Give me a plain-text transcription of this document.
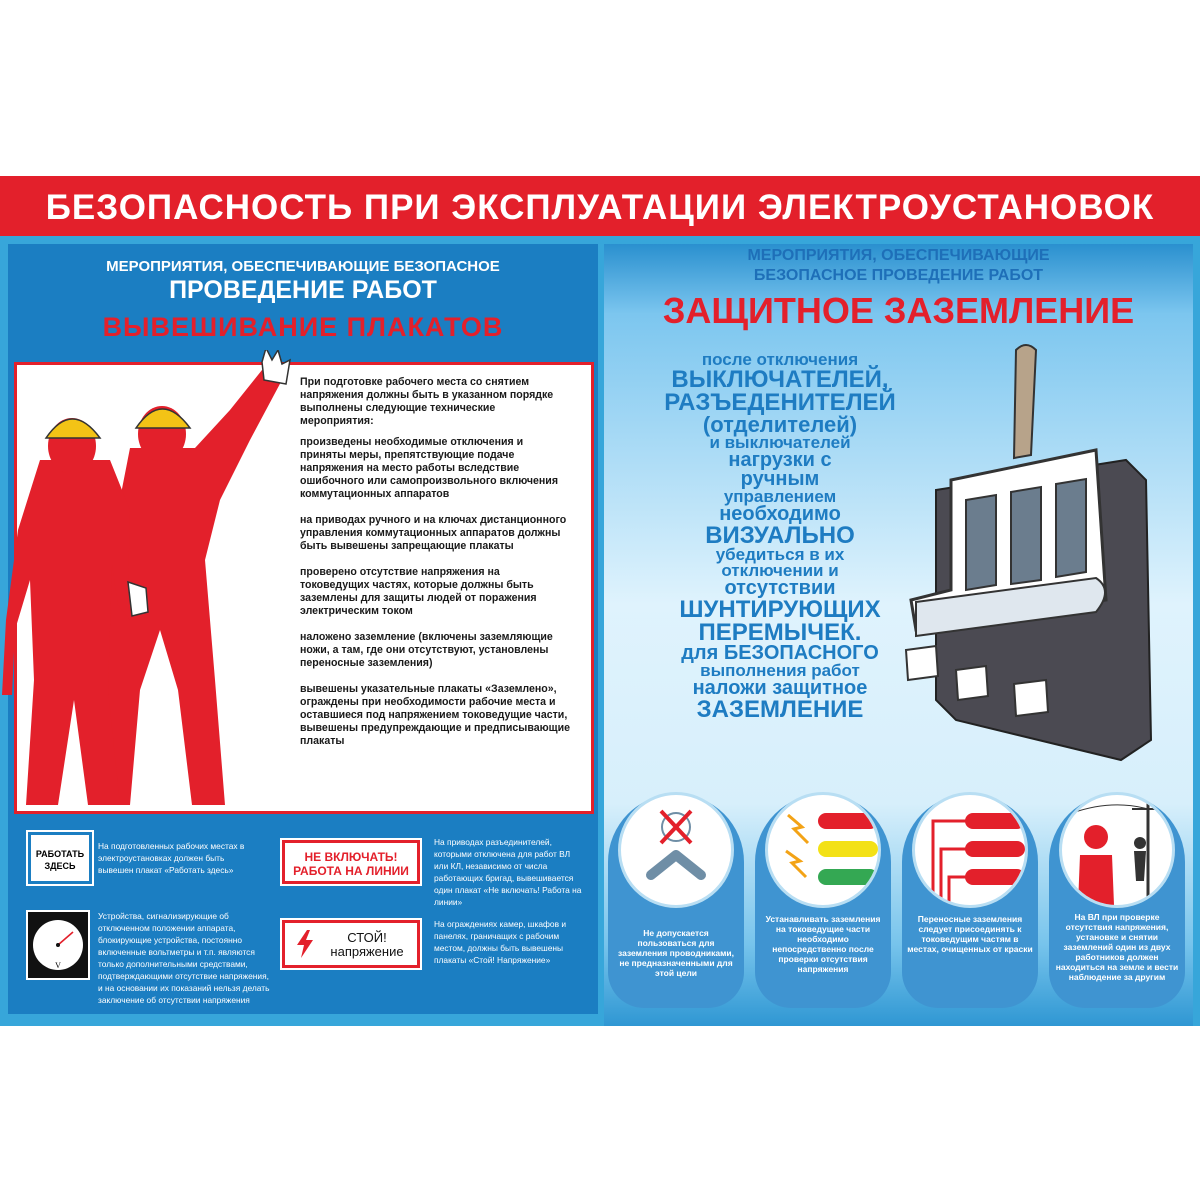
БЕЗОПАСНОСТЬ ПРИ ЭКСПЛУАТАЦИИ ЭЛЕКТРОУСТАНОВОК
МЕРОПРИЯТИЯ, ОБЕСПЕЧИВАЮЩИЕ БЕЗОПАСНОЕ
ПРОВЕДЕНИЕ РАБОТ
ВЫВЕШИВАНИЕ ПЛАКАТОВ

При подготовке рабочего места со снятием напряжения должны быть в указанном порядке выполнены следующие технические мероприятия:

произведены необходимые отключения и приняты меры, препятствующие подаче напряжения на место работы вследствие ошибочного или самопроизвольного включения коммутационных аппаратов

на приводах ручного и на ключах дистанционного управления коммутационных аппаратов должны быть вывешены запрещающие плакаты

проверено отсутствие напряжения на токоведущих частях, которые должны быть заземлены для защиты людей от поражения электрическим током

наложено заземление (включены заземляющие ножи, а там, где они отсутствуют, установлены переносные заземления)

вывешены указательные плакаты «Заземлено», ограждены при необходимости рабочие места и оставшиеся под напряжением токоведущие части, вывешены предупреждающие и предписывающие плакаты

РАБОТАТЬ
ЗДЕСЬ
На подготовленных рабочих местах в электроустановках должен быть вывешен плакат «Работать здесь»
V
Устройства, сигнализирующие об отключенном положении аппарата, блокирующие устройства, постоянно включенные вольтметры и т.п. являются только дополнительными средствами, подтверждающими отсутствие напряжения, и на основании их показаний нельзя делать заключение об отсутствии напряжения
НЕ ВКЛЮЧАТЬ!
РАБОТА НА ЛИНИИ
На приводах разъединителей, которыми отключена для работ ВЛ или КЛ, независимо от числа работающих бригад, вывешивается один плакат «Не включать! Работа на линии»
СТОЙ!
напряжение
На ограждениях камер, шкафов и панелях, граничащих с рабочим местом, должны быть вывешены плакаты «Стой! Напряжение»
МЕРОПРИЯТИЯ, ОБЕСПЕЧИВАЮЩИЕ
БЕЗОПАСНОЕ ПРОВЕДЕНИЕ РАБОТ
ЗАЩИТНОЕ ЗАЗЕМЛЕНИЕ
после отключения
ВЫКЛЮЧАТЕЛЕЙ,
РАЗЪЕДЕНИТЕЛЕЙ
(отделителей)
и выключателей
нагрузки с
ручным
управлением
необходимо
ВИЗУАЛЬНО
убедиться в их
отключении и
отсутствии
ШУНТИРУЮЩИХ
ПЕРЕМЫЧЕК.
для БЕЗОПАСНОГО
выполнения работ
наложи защитное
ЗАЗЕМЛЕНИЕ
Не допускается пользоваться для заземления проводниками, не предназначенными для этой цели
Устанавливать заземления на токоведущие части необходимо непосредственно после проверки отсутствия напряжения
Переносные заземления следует присоединять к токоведущим частям в местах, очищенных от краски
На ВЛ при проверке отсутствия напряжения, установке и снятии заземлений один из двух работников должен находиться на земле и вести наблюдение за другим
